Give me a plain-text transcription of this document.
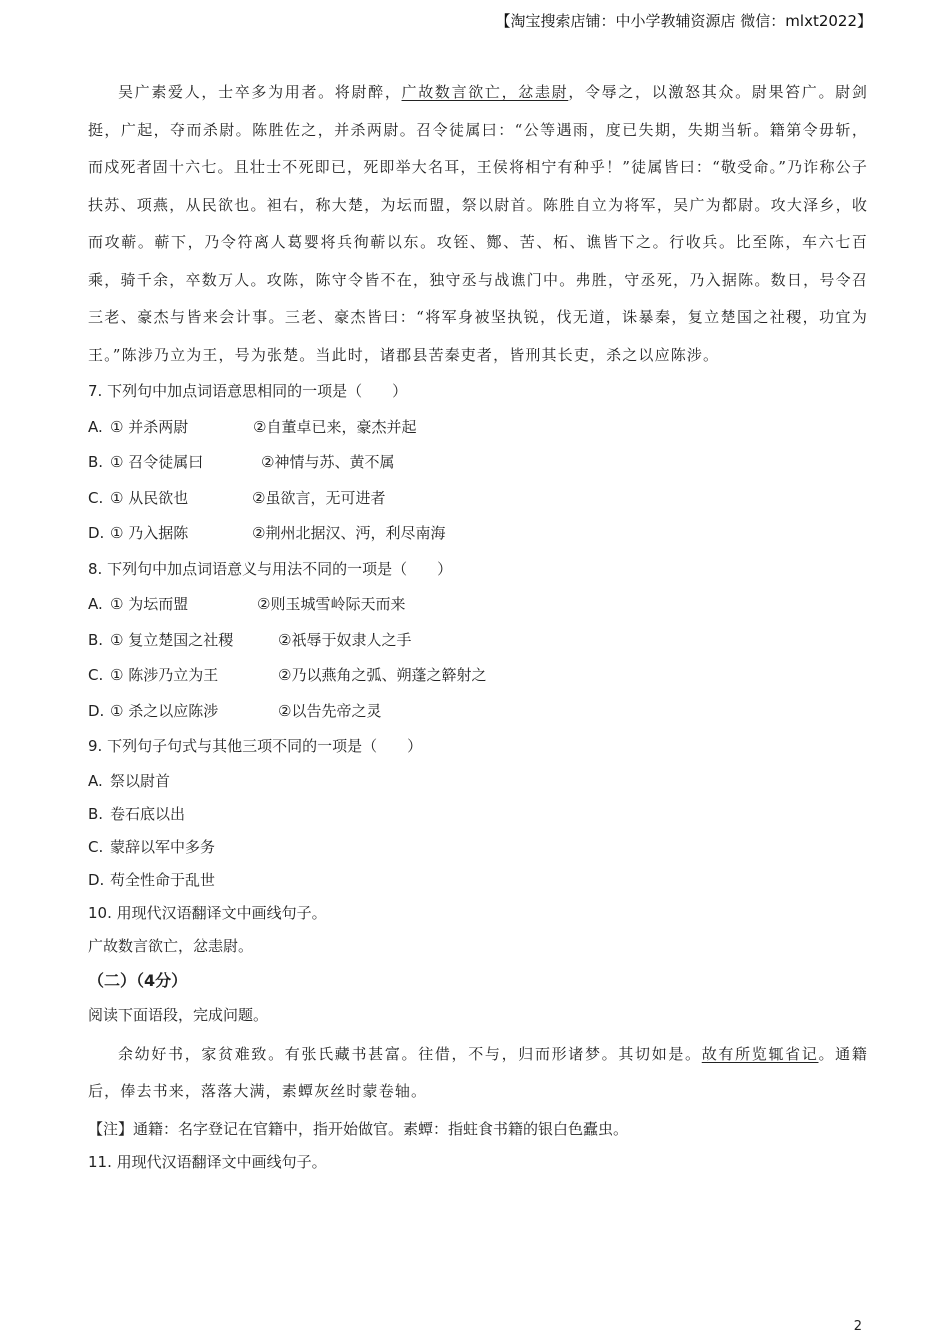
【淘宝搜索店铺：中小学教辅资源店 微信：mlxt2022】

吴广素爱人，士卒多为用者。将尉醉，广故数言欲亡，忿恚尉，令辱之，以激怒其众。尉果笞广。尉剑挺，广起，夺而杀尉。陈胜佐之，并杀两尉。召令徒属曰：“公等遇雨，度已失期，失期当斩。籍第令毋斩，而戍死者固十六七。且壮士不死即已，死即举大名耳，王侯将相宁有种乎！”徒属皆曰：“敬受命。”乃诈称公子扶苏、项燕，从民欲也。袒右，称大楚，为坛而盟，祭以尉首。陈胜自立为将军，吴广为都尉。攻大泽乡，收而攻蕲。蕲下，乃令符离人葛婴将兵徇蕲以东。攻铚、酂、苦、柘、谯皆下之。行收兵。比至陈，车六七百乘，骑千余，卒数万人。攻陈，陈守令皆不在，独守丞与战谯门中。弗胜，守丞死，乃入据陈。数日，号令召三老、豪杰与皆来会计事。三老、豪杰皆曰：“将军身被坚执锐，伐无道，诛暴秦，复立楚国之社稷，功宜为王。”陈涉乃立为王，号为张楚。当此时，诸郡县苦秦吏者，皆刑其长吏，杀之以应陈涉。

7. 下列句中加点词语意思相同的一项是（　　）

A. ① 并杀两尉	②自董卓已来，豪杰并起

B. ① 召令徒属曰	②神情与苏、黄不属

C. ① 从民欲也	②虽欲言，无可进者

D. ① 乃入据陈	②荆州北据汉、沔，利尽南海

8. 下列句中加点词语意义与用法不同的一项是（　　）

A. ① 为坛而盟	②则玉城雪岭际天而来

B. ① 复立楚国之社稷	②祇辱于奴隶人之手

C. ① 陈涉乃立为王	②乃以燕角之弧、朔蓬之簳射之

D. ① 杀之以应陈涉	②以告先帝之灵

9. 下列句子句式与其他三项不同的一项是（　　）

A. 祭以尉首

B. 卷石底以出

C. 蒙辞以军中多务

D. 苟全性命于乱世

10. 用现代汉语翻译文中画线句子。

广故数言欲亡，忿恚尉。

（二）（4分）

阅读下面语段，完成问题。

余幼好书，家贫难致。有张氏藏书甚富。往借，不与，归而形诸梦。其切如是。故有所览辄省记。通籍后，俸去书来，落落大满，素蟫灰丝时蒙卷轴。

【注】通籍：名字登记在官籍中，指开始做官。素蟫：指蛀食书籍的银白色蠹虫。

11. 用现代汉语翻译文中画线句子。

2
